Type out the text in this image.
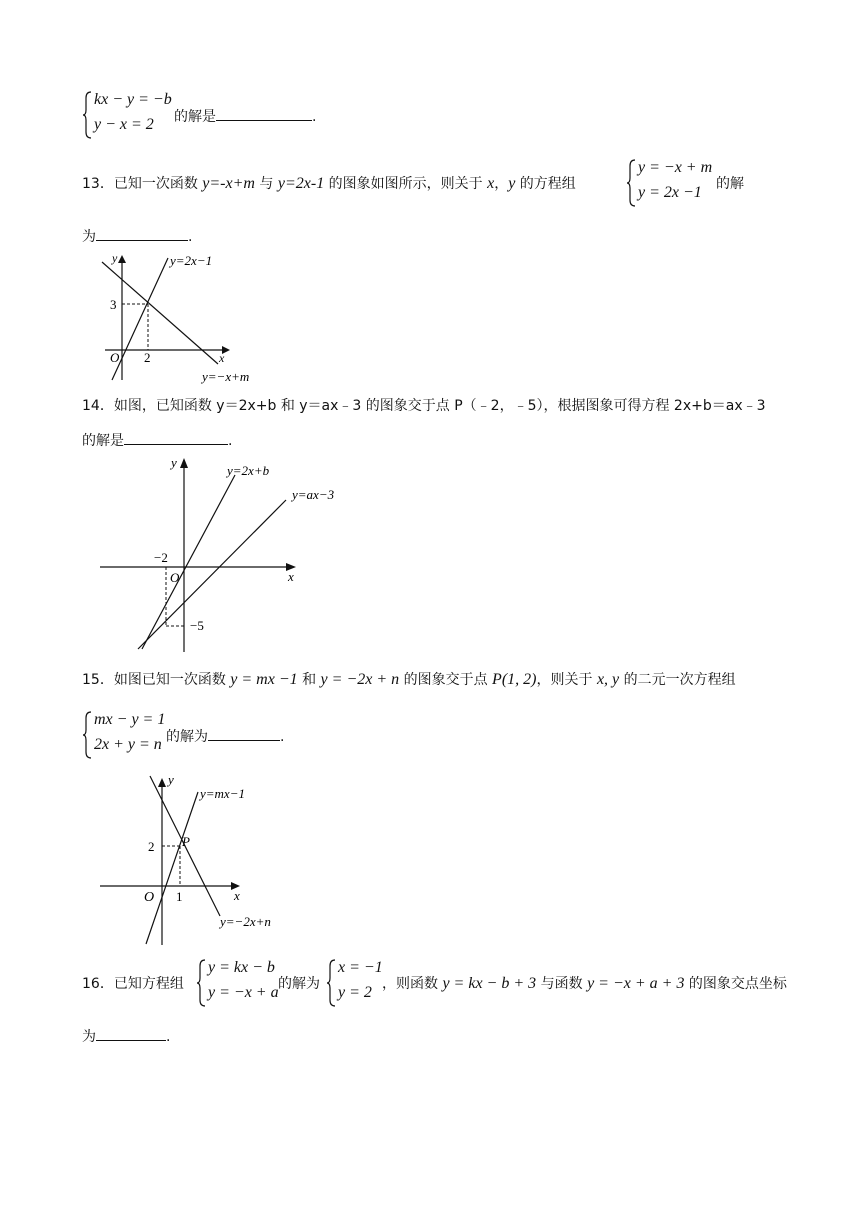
kx − y = −b
y − x = 2 的解是	.
13．已知一次函数 y=-x+m 与 y=2x-1 的图象如图所示，则关于 x，y 的方程组
y = −x + m
y = 2x −1 的解
为	.
y=2x−1
y=−x+m
y
x
O
3
2
14．如图，已知函数 y＝2x+b 和 y＝ax﹣3 的图象交于点 P（﹣2，﹣5），根据图象可得方程 2x+b＝ax﹣3
的解是	.
y=2x+b
y=ax−3
y
x
O
−2
−5
15．如图已知一次函数 y = mx −1 和 y = −2x + n 的图象交于点 P(1, 2)，则关于 x, y 的二元一次方程组
mx − y = 1
2x + y = n 的解为	.
y=mx−1
y=−2x+n
P
y
x
O
2
1
16．已知方程组
y = kx − b
y = −x + a 的解为
x = −1
y = 2 ，则函数 y = kx − b + 3 与函数 y = −x + a + 3 的图象交点坐标
为	.
